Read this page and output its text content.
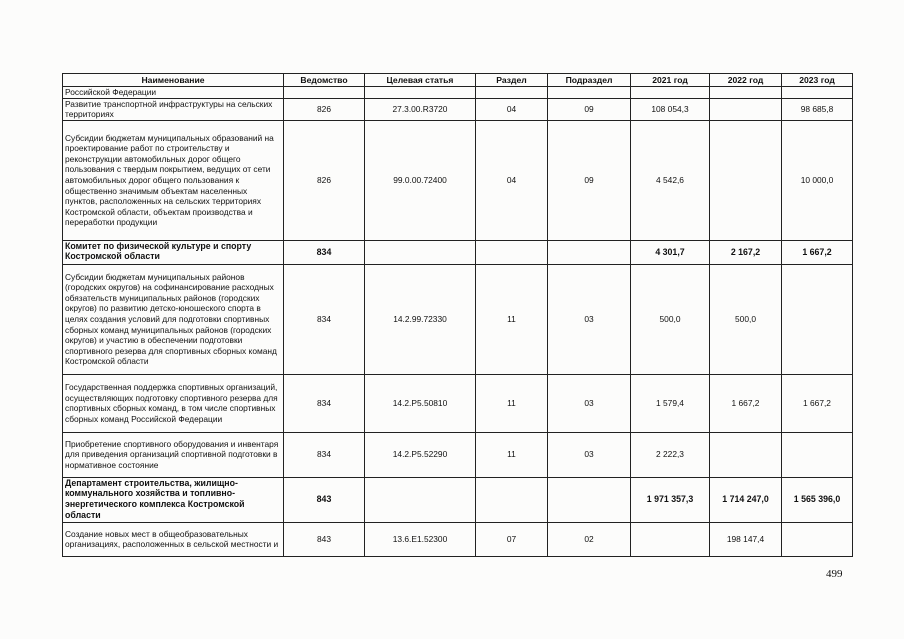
Наименование	Ведомство	Целевая статья	Раздел	Подраздел	2021 год	2022 год	2023 год
Российской Федерации							
Развитие транспортной инфраструктуры на сельских территориях	826	27.3.00.R3720	04	09	108 054,3		98 685,8
Субсидии бюджетам муниципальных образований на проектирование работ по строительству и реконструкции автомобильных дорог общего пользования с твердым покрытием, ведущих от сети автомобильных дорог общего пользования к общественно значимым объектам населенных пунктов, расположенных на сельских территориях Костромской области, объектам производства и переработки продукции	826	99.0.00.72400	04	09	4 542,6		10 000,0
Комитет по физической культуре и спорту Костромской области	834				4 301,7	2 167,2	1 667,2
Субсидии бюджетам муниципальных районов (городских округов) на софинансирование расходных обязательств муниципальных районов (городских округов) по развитию детско-юношеского спорта в целях создания условий для подготовки спортивных сборных команд муниципальных районов (городских округов) и участию в обеспечении подготовки спортивного резерва для спортивных сборных команд Костромской области	834	14.2.99.72330	11	03	500,0	500,0	
Государственная поддержка спортивных организаций, осуществляющих подготовку спортивного резерва для спортивных сборных команд, в том числе спортивных сборных команд Российской Федерации	834	14.2.P5.50810	11	03	1 579,4	1 667,2	1 667,2
Приобретение спортивного оборудования и инвентаря для приведения организаций спортивной подготовки в нормативное состояние	834	14.2.P5.52290	11	03	2 222,3		
Департамент строительства, жилищно-коммунального хозяйства и топливно-энергетического комплекса Костромской области	843				1 971 357,3	1 714 247,0	1 565 396,0
Создание новых мест в общеобразовательных организациях, расположенных в сельской местности и	843	13.6.E1.52300	07	02		198 147,4	
499
